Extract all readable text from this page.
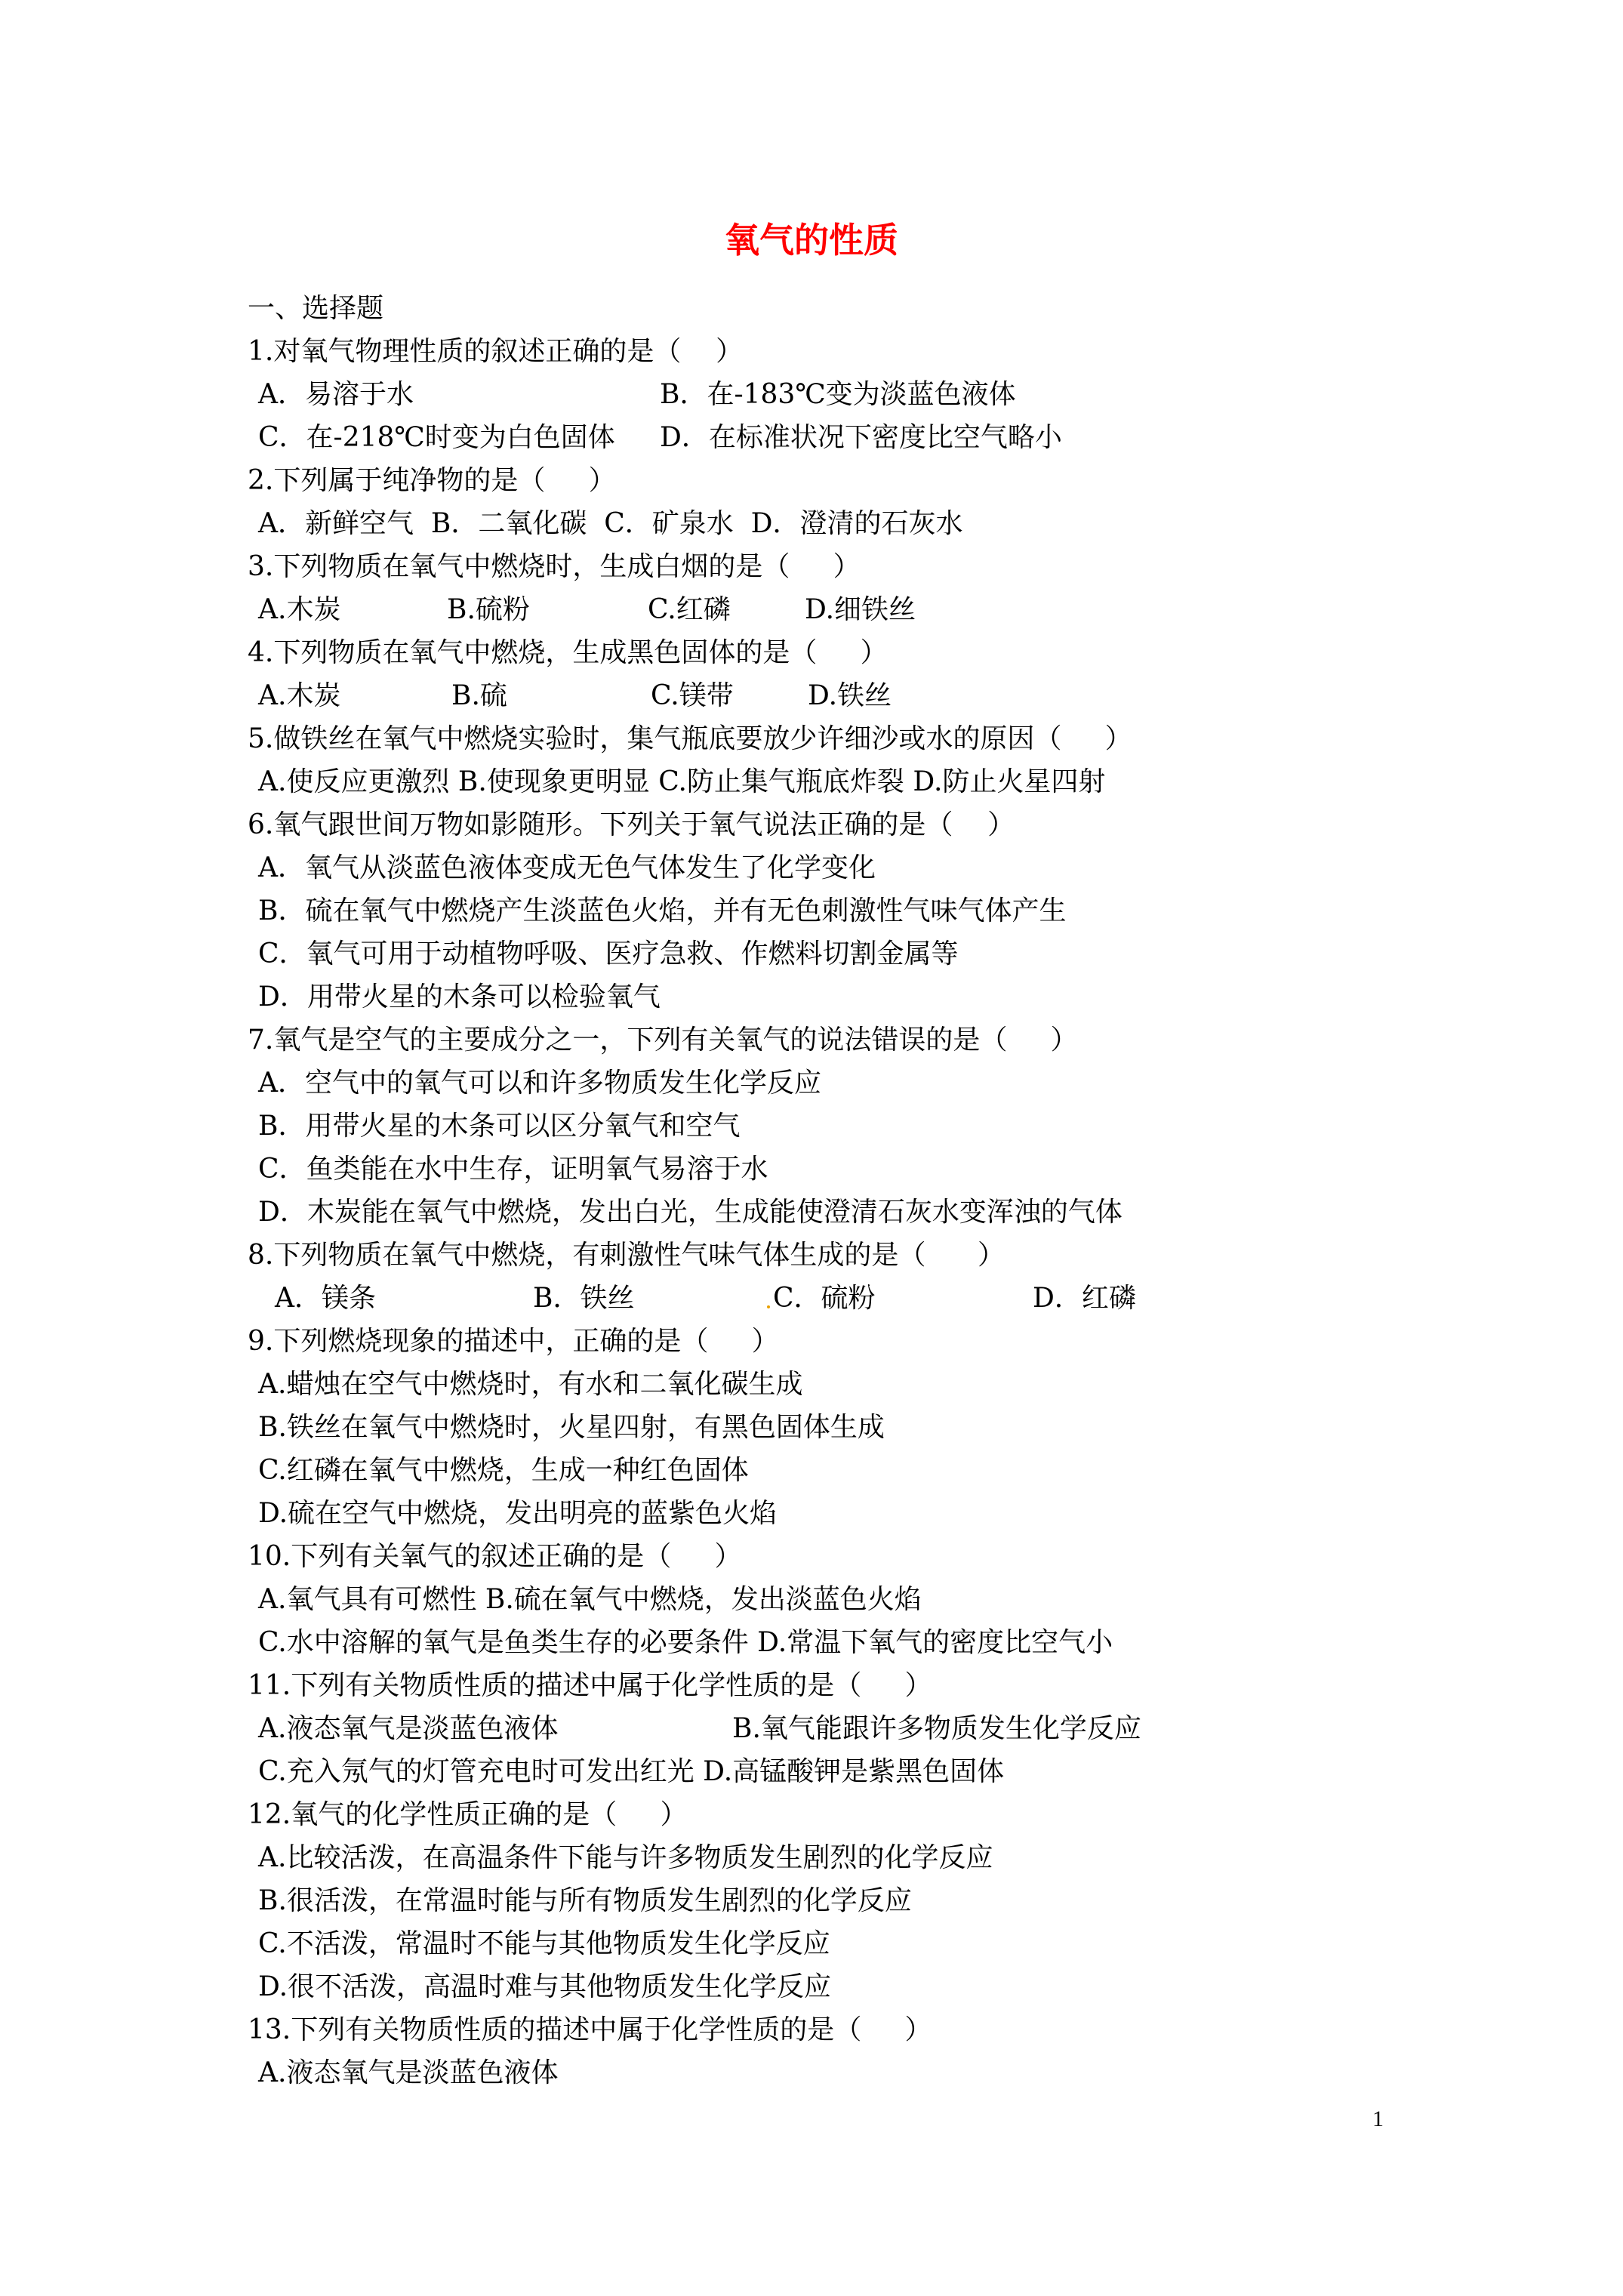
氧气的性质
一、选择题
1.对氧气物理性质的叙述正确的是（    ）

A．易溶于水

	B．在-183℃变为淡蓝色液体

C．在-218℃时变为白色固体

D．在标准状况下密度比空气略小

2.下列属于纯净物的是（     ）

A．新鲜空气  B．二氧化碳  C．矿泉水  D．澄清的石灰水

3.下列物质在氧气中燃烧时，生成白烟的是（     ）

A.木炭

	B.硫粉

	C.红磷

	D.细铁丝

4.下列物质在氧气中燃烧，生成黑色固体的是（     ）

A.木炭

	B.硫

	C.镁带

	D.铁丝

5.做铁丝在氧气中燃烧实验时，集气瓶底要放少许细沙或水的原因（     ）

A.使反应更激烈 B.使现象更明显 C.防止集气瓶底炸裂 D.防止火星四射

6.氧气跟世间万物如影随形。下列关于氧气说法正确的是（    ）
A．氧气从淡蓝色液体变成无色气体发生了化学变化
B．硫在氧气中燃烧产生淡蓝色火焰，并有无色刺激性气味气体产生
C．氧气可用于动植物呼吸、医疗急救、作燃料切割金属等
D．用带火星的木条可以检验氧气
7.氧气是空气的主要成分之一，下列有关氧气的说法错误的是（     ）
A．空气中的氧气可以和许多物质发生化学反应
B．用带火星的木条可以区分氧气和空气
C．鱼类能在水中生存，证明氧气易溶于水
D．木炭能在氧气中燃烧，发出白光，生成能使澄清石灰水变浑浊的气体
8.下列物质在氧气中燃烧，有刺激性气味气体生成的是（      ）

A．镁条

	B．铁丝

	C．硫粉

	D．红磷

9.下列燃烧现象的描述中，正确的是（     ）
A.蜡烛在空气中燃烧时，有水和二氧化碳生成
B.铁丝在氧气中燃烧时，火星四射，有黑色固体生成
C.红磷在氧气中燃烧，生成一种红色固体
D.硫在空气中燃烧，发出明亮的蓝紫色火焰
10.下列有关氧气的叙述正确的是（     ）
A.氧气具有可燃性 B.硫在氧气中燃烧，发出淡蓝色火焰
C.水中溶解的氧气是鱼类生存的必要条件 D.常温下氧气的密度比空气小
11.下列有关物质性质的描述中属于化学性质的是（     ）

A.液态氧气是淡蓝色液体

	B.氧气能跟许多物质发生化学反应

C.充入氖气的灯管充电时可发出红光 D.高锰酸钾是紫黑色固体
12.氧气的化学性质正确的是（     ）
A.比较活泼，在高温条件下能与许多物质发生剧烈的化学反应
B.很活泼，在常温时能与所有物质发生剧烈的化学反应
C.不活泼，常温时不能与其他物质发生化学反应
D.很不活泼，高温时难与其他物质发生化学反应
13.下列有关物质性质的描述中属于化学性质的是（     ）
A.液态氧气是淡蓝色液体
1
